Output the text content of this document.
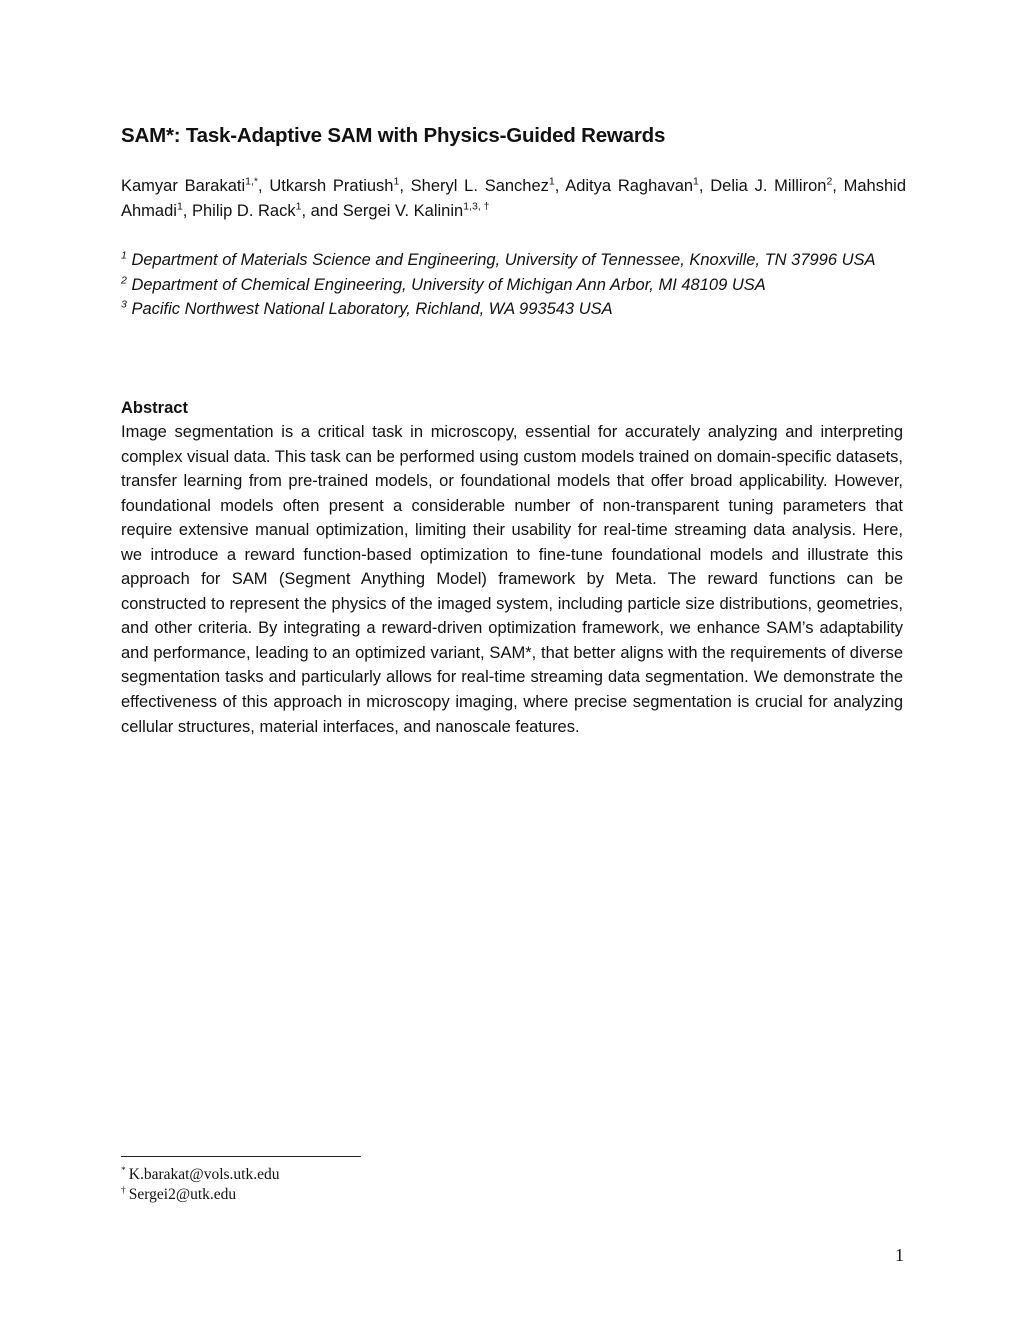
SAM*: Task-Adaptive SAM with Physics-Guided Rewards

Kamyar Barakati$^{1,*}$, Utkarsh Pratiush$^1$, Sheryl L. Sanchez$^1$, Aditya Raghavan$^1$, Delia J. Milliron$^2$, Mahshid Ahmadi$^1$, Philip D. Rack$^1$, and Sergei V. Kalinin$^{1,3, \dagger}$

$^1$ Department of Materials Science and Engineering, University of Tennessee, Knoxville, TN 37996 USA
$^2$ Department of Chemical Engineering, University of Michigan Ann Arbor, MI 48109 USA
$^3$ Pacific Northwest National Laboratory, Richland, WA 993543 USA
Abstract

Image segmentation is a critical task in microscopy, essential for accurately analyzing and interpreting complex visual data. This task can be performed using custom models trained on domain-specific datasets, transfer learning from pre-trained models, or foundational models that offer broad applicability. However, foundational models often present a considerable number of non-transparent tuning parameters that require extensive manual optimization, limiting their usability for real-time streaming data analysis. Here, we introduce a reward function-based optimization to fine-tune foundational models and illustrate this approach for SAM (Segment Anything Model) framework by Meta. The reward functions can be constructed to represent the physics of the imaged system, including particle size distributions, geometries, and other criteria. By integrating a reward-driven optimization framework, we enhance SAM’s adaptability and performance, leading to an optimized variant, SAM*, that better aligns with the requirements of diverse segmentation tasks and particularly allows for real-time streaming data segmentation. We demonstrate the effectiveness of this approach in microscopy imaging, where precise segmentation is crucial for analyzing cellular structures, material interfaces, and nanoscale features.

* K.barakat@vols.utk.edu
† Sergei2@utk.edu
1
